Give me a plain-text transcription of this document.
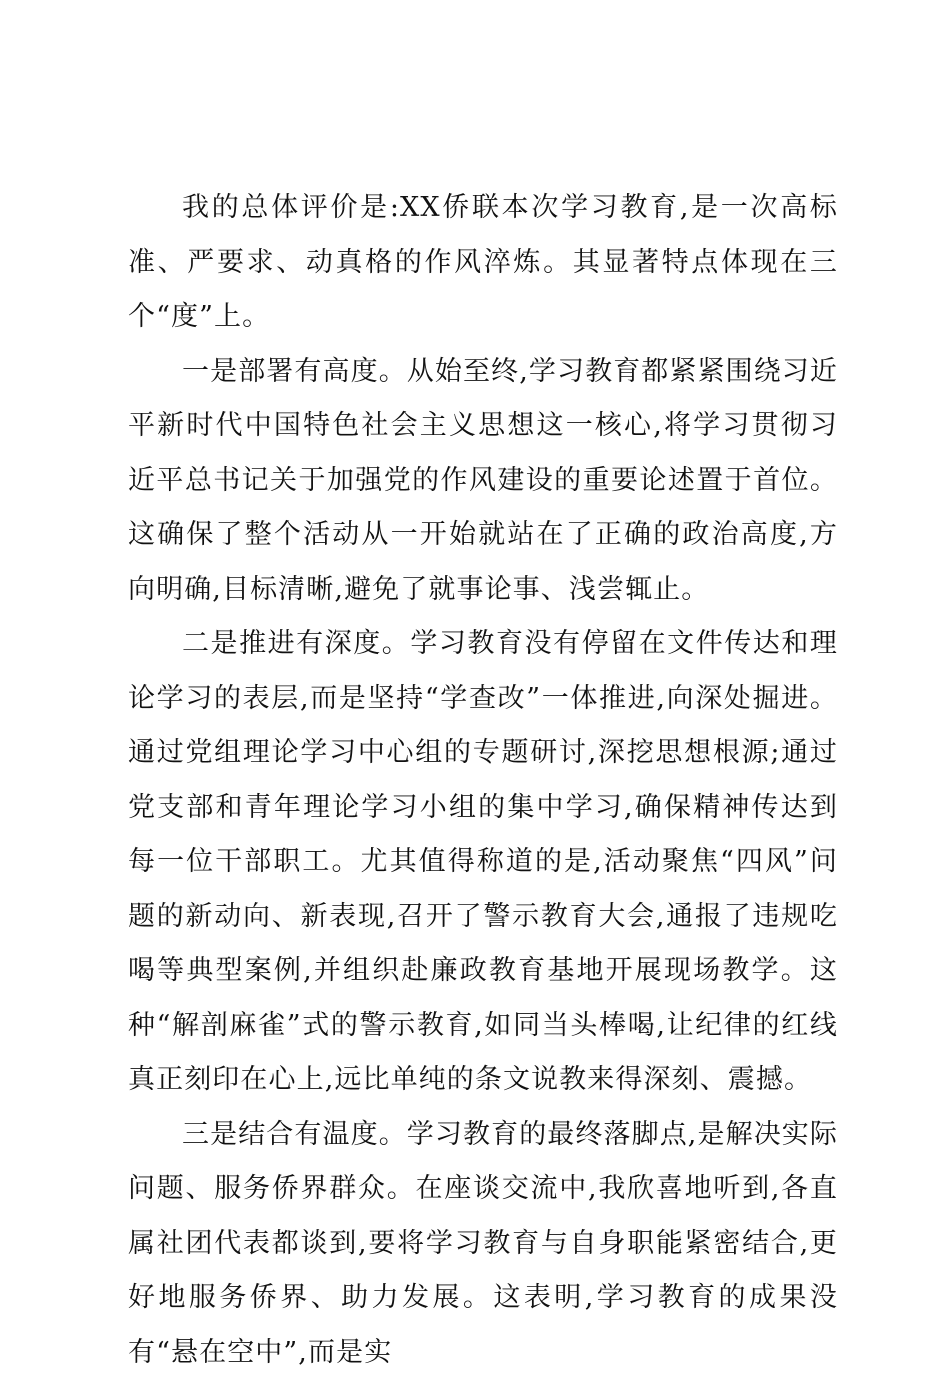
我的总体评价是:XX侨联本次学习教育,是一次高标准、严要求、动真格的作风淬炼。其显著特点体现在三个“度”上。

一是部署有高度。从始至终,学习教育都紧紧围绕习近平新时代中国特色社会主义思想这一核心,将学习贯彻习近平总书记关于加强党的作风建设的重要论述置于首位。这确保了整个活动从一开始就站在了正确的政治高度,方向明确,目标清晰,避免了就事论事、浅尝辄止。

二是推进有深度。学习教育没有停留在文件传达和理论学习的表层,而是坚持“学查改”一体推进,向深处掘进。通过党组理论学习中心组的专题研讨,深挖思想根源;通过党支部和青年理论学习小组的集中学习,确保精神传达到每一位干部职工。尤其值得称道的是,活动聚焦“四风”问题的新动向、新表现,召开了警示教育大会,通报了违规吃喝等典型案例,并组织赴廉政教育基地开展现场教学。这种“解剖麻雀”式的警示教育,如同当头棒喝,让纪律的红线真正刻印在心上,远比单纯的条文说教来得深刻、震撼。

三是结合有温度。学习教育的最终落脚点,是解决实际问题、服务侨界群众。在座谈交流中,我欣喜地听到,各直属社团代表都谈到,要将学习教育与自身职能紧密结合,更好地服务侨界、助力发展。这表明,学习教育的成果没有“悬在空中”,而是实
